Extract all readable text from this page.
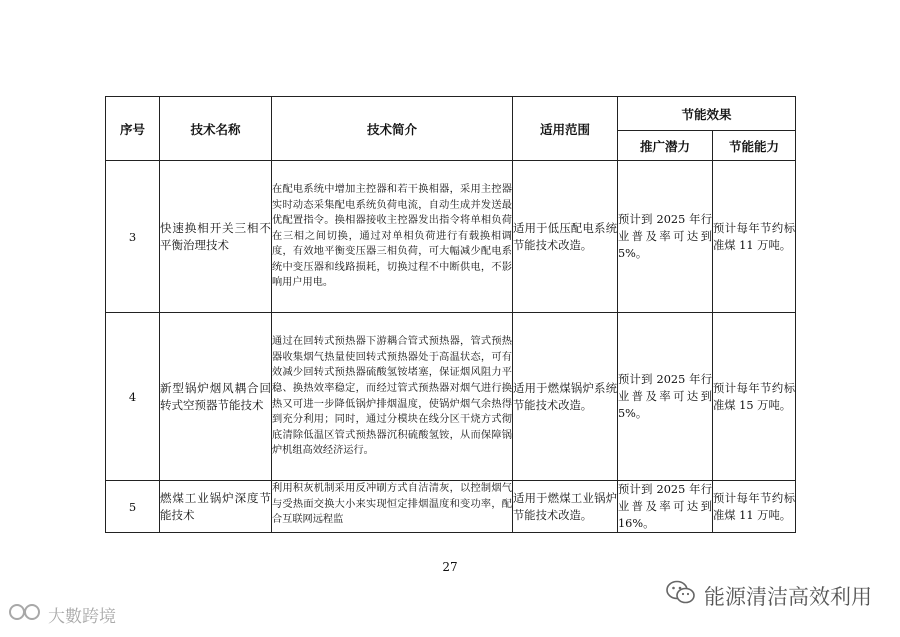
序号	技术名称	技术简介	适用范围	节能效果	
				推广潜力	节能能力
3	快速换相开关三相不平衡治理技术	在配电系统中增加主控器和若干换相器，采用主控器实时动态采集配电系统负荷电流，自动生成并发送最优配置指令。换相器接收主控器发出指令将单相负荷在三相之间切换，通过对单相负荷进行有载换相调度，有效地平衡变压器三相负荷，可大幅减少配电系统中变压器和线路损耗，切换过程不中断供电，不影响用户用电。	适用于低压配电系统节能技术改造。	预计到 2025 年行业普及率可达到 5%。	预计每年节约标准煤 11 万吨。
4	新型锅炉烟风耦合回转式空预器节能技术	通过在回转式预热器下游耦合管式预热器，管式预热器收集烟气热量使回转式预热器处于高温状态，可有效减少回转式预热器硫酸氢铵堵塞，保证烟风阻力平稳、换热效率稳定，而经过管式预热器对烟气进行换热又可进一步降低锅炉排烟温度，使锅炉烟气余热得到充分利用；同时，通过分模块在线分区干烧方式彻底清除低温区管式预热器沉积硫酸氢铵，从而保障锅炉机组高效经济运行。	适用于燃煤锅炉系统节能技术改造。	预计到 2025 年行业普及率可达到 5%。	预计每年节约标准煤 15 万吨。
5	燃煤工业锅炉深度节能技术	利用积灰机制采用反冲刷方式自洁清灰，以控制烟气与受热面交换大小来实现恒定排烟温度和变功率，配合互联网远程监	适用于燃煤工业锅炉节能技术改造。	预计到 2025 年行业普及率可达到 16%。	预计每年节约标准煤 11 万吨。
27
能源清洁高效利用
大數跨境
